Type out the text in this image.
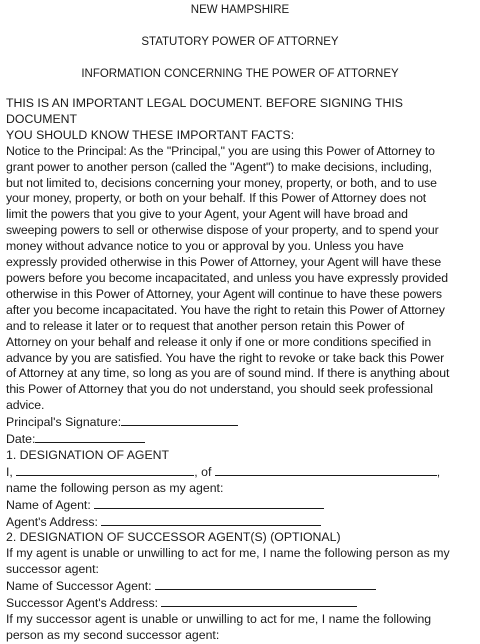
NEW HAMPSHIRE
STATUTORY POWER OF ATTORNEY
INFORMATION CONCERNING THE POWER OF ATTORNEY

THIS IS AN IMPORTANT LEGAL DOCUMENT. BEFORE SIGNING THIS DOCUMENT

YOU SHOULD KNOW THESE IMPORTANT FACTS:

Notice to the Principal: As the "Principal," you are using this Power of Attorney to

grant power to another person (called the "Agent") to make decisions, including,

but not limited to, decisions concerning your money, property, or both, and to use

your money, property, or both on your behalf. If this Power of Attorney does not

limit the powers that you give to your Agent, your Agent will have broad and

sweeping powers to sell or otherwise dispose of your property, and to spend your

money without advance notice to you or approval by you. Unless you have

expressly provided otherwise in this Power of Attorney, your Agent will have these

powers before you become incapacitated, and unless you have expressly provided

otherwise in this Power of Attorney, your Agent will continue to have these powers

after you become incapacitated. You have the right to retain this Power of Attorney

and to release it later or to request that another person retain this Power of

Attorney on your behalf and release it only if one or more conditions specified in

advance by you are satisfied. You have the right to revoke or take back this Power

of Attorney at any time, so long as you are of sound mind. If there is anything about

this Power of Attorney that you do not understand, you should seek professional

advice.

Principal's Signature:

Date:

1. DESIGNATION OF AGENT

I,	, of	,

name the following person as my agent:

Name of Agent:

Agent's Address:

2. DESIGNATION OF SUCCESSOR AGENT(S) (OPTIONAL)

If my agent is unable or unwilling to act for me, I name the following person as my

successor agent:

Name of Successor Agent:

Successor Agent's Address:

If my successor agent is unable or unwilling to act for me, I name the following

person as my second successor agent:
